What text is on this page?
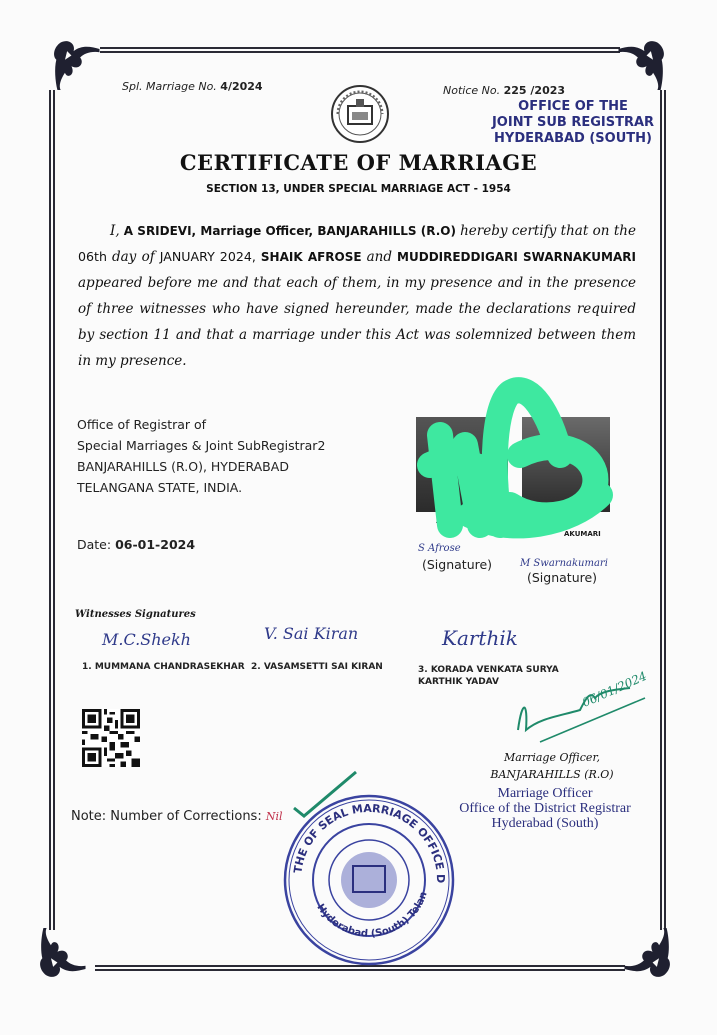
Spl. Marriage No. 4/2024	Notice No. 225 /2023
OFFICE OF THE
JOINT SUB REGISTRAR
HYDERABAD (SOUTH)
CERTIFICATE OF MARRIAGE
SECTION 13, UNDER SPECIAL MARRIAGE ACT - 1954
I, A SRIDEVI, Marriage Officer, BANJARAHILLS (R.O) hereby certify that on the 06th day of JANUARY 2024, SHAIK AFROSE and MUDDIREDDIGARI SWARNAKUMARI appeared before me and that each of them, in my presence and in the presence of three witnesses who have signed hereunder, made the declarations required by section 11 and that a marriage under this Act was solemnized between them in my presence.
Office of Registrar of
Special Marriages & Joint SubRegistrar2
BANJARAHILLS (R.O), HYDERABAD
TELANGANA STATE, INDIA.
Date: 06-01-2024
AIK AF
AKUMARI
S Afrose
(Signature)	M Swarnakumari
(Signature)
Witnesses Signatures
M.C.Shekh
1. MUMMANA CHANDRASEKHAR
V. Sai Kiran
2. VASAMSETTI SAI KIRAN
Karthik
3. KORADA VENKATA SURYA KARTHIK YADAV	06/01/2024
Marriage Officer,
BANJARAHILLS (R.O)
Marriage Officer
Office of the District Registrar
Hyderabad (South)
Note: Number of Corrections: Nil
THE OF SEAL MARRIAGE OFFICE D
Hyderabad (South) Telan
